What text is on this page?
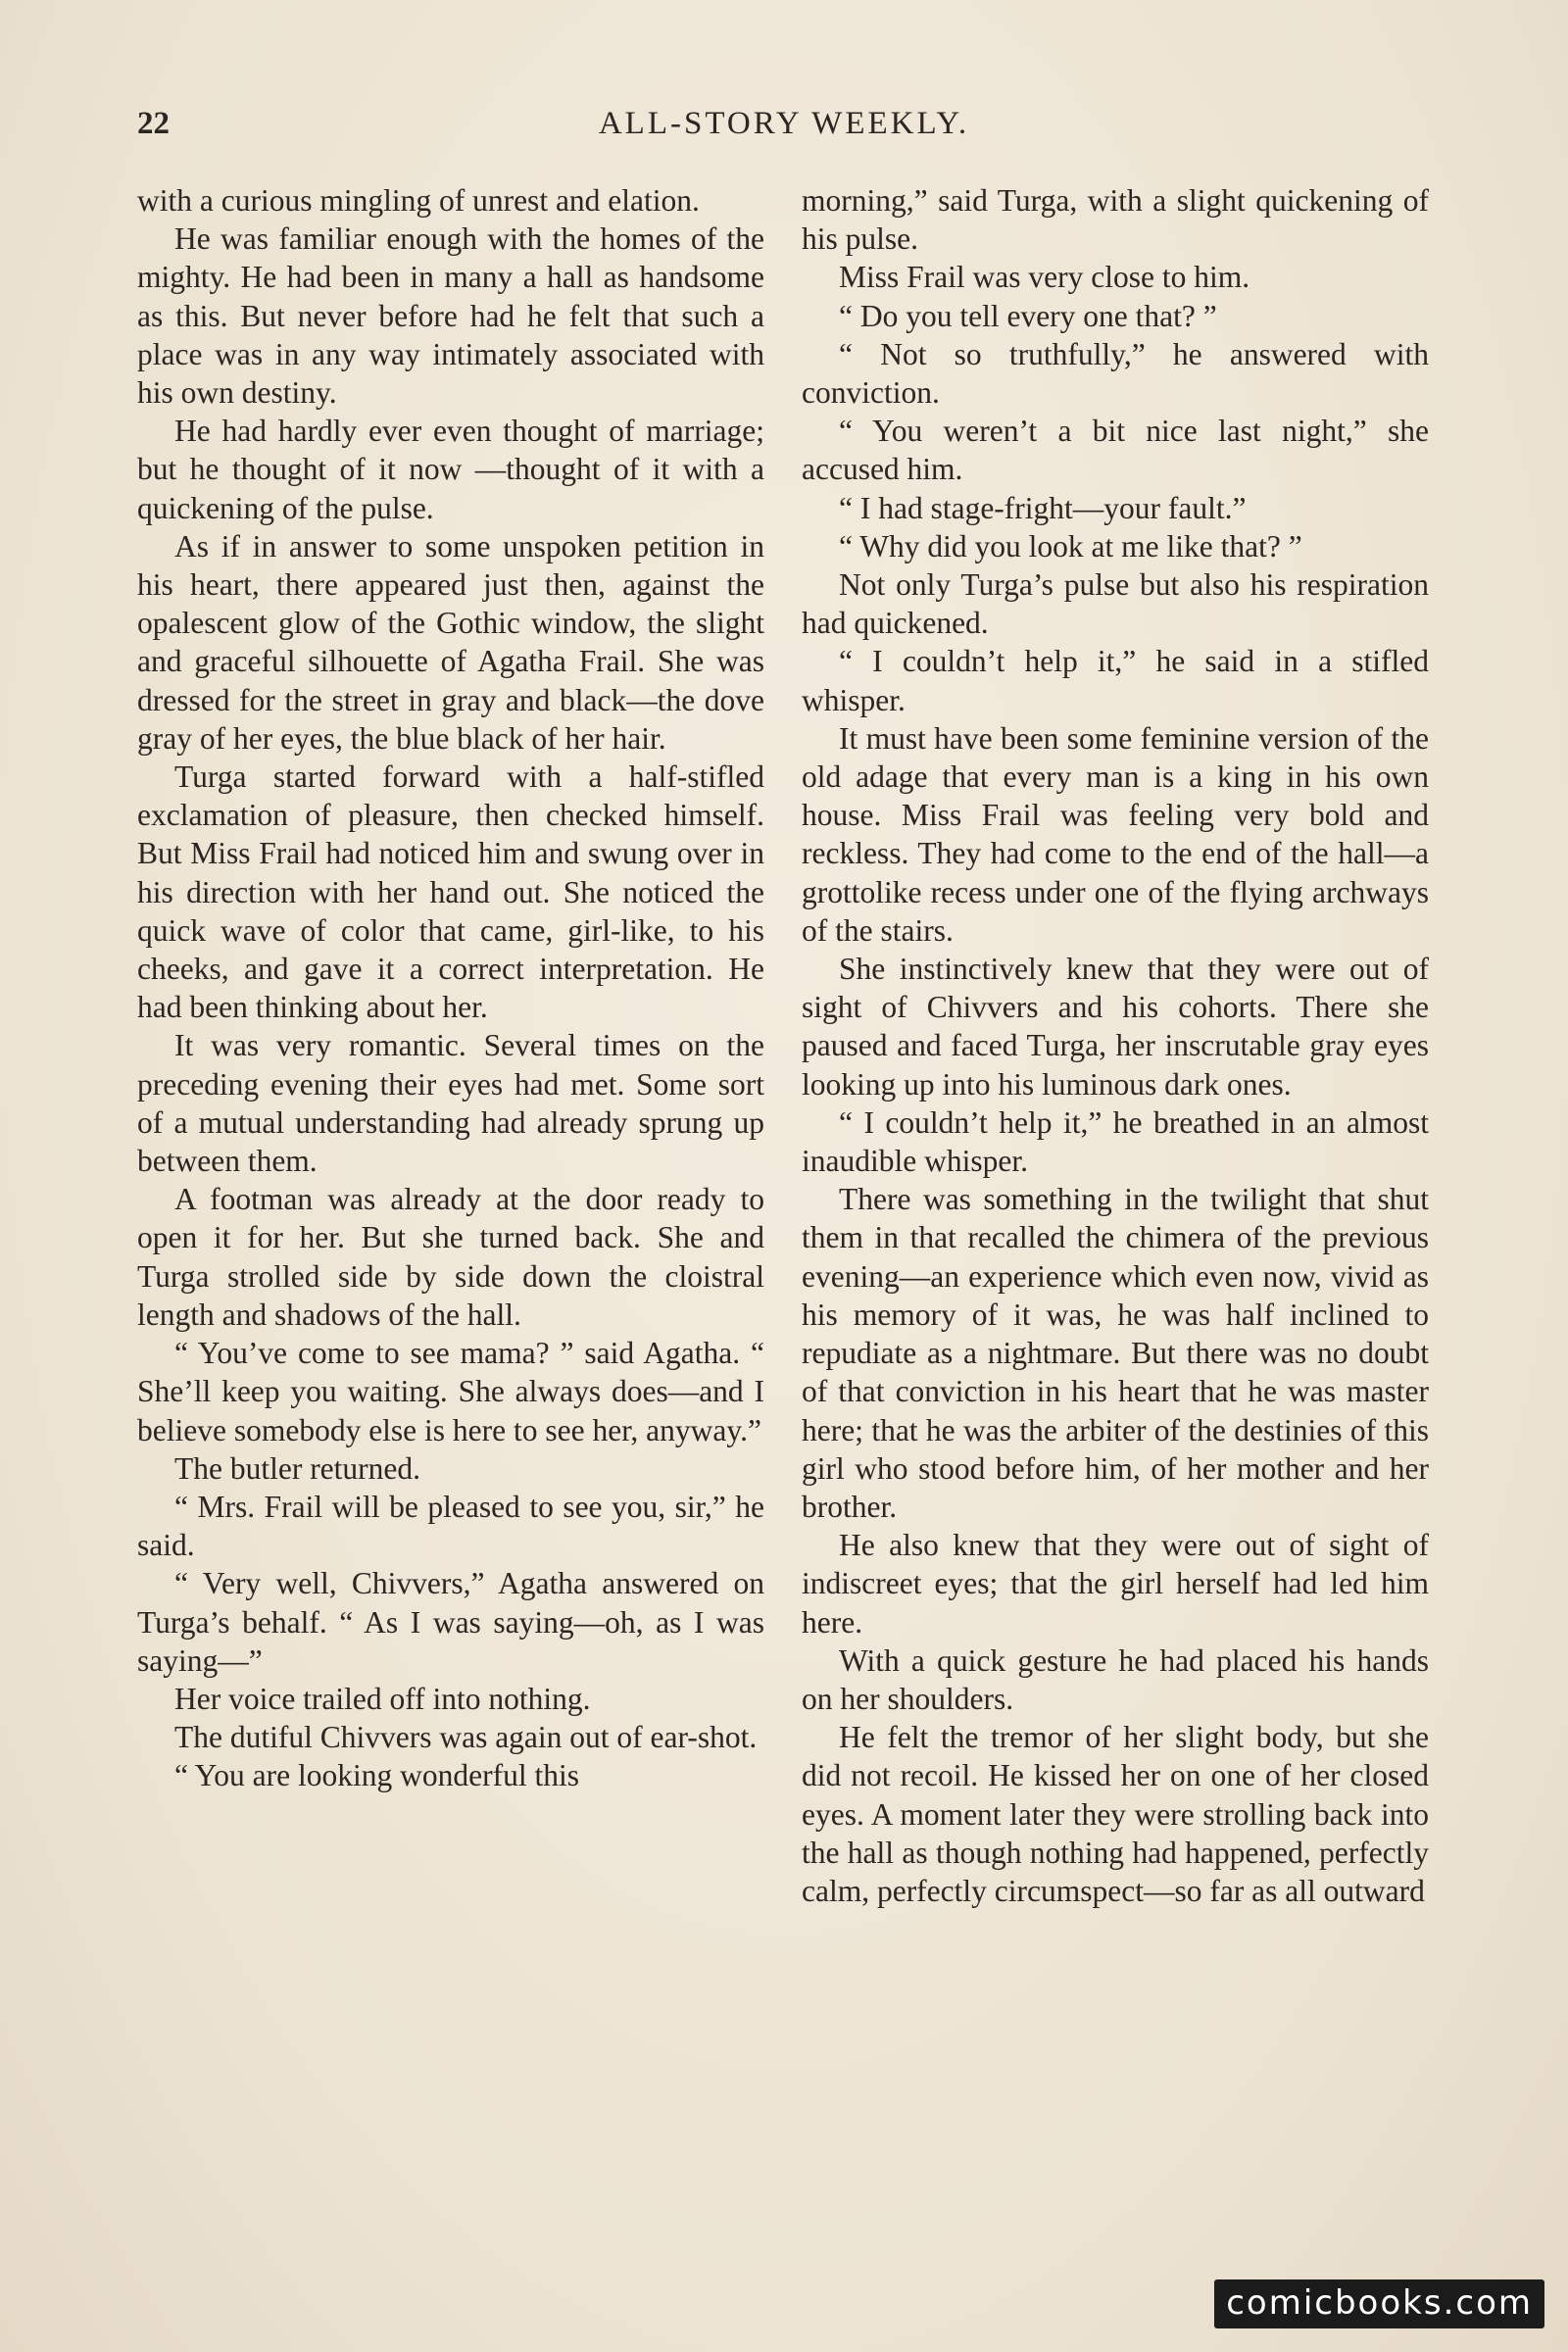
22	ALL-STORY WEEKLY.

with a curious mingling of unrest and elation.

He was familiar enough with the homes of the mighty. He had been in many a hall as handsome as this. But never before had he felt that such a place was in any way intimately associated with his own destiny.

He had hardly ever even thought of marriage; but he thought of it now —thought of it with a quickening of the pulse.

As if in answer to some unspoken petition in his heart, there appeared just then, against the opalescent glow of the Gothic window, the slight and graceful silhouette of Agatha Frail. She was dressed for the street in gray and black—the dove gray of her eyes, the blue black of her hair.

Turga started forward with a half-stifled exclamation of pleasure, then checked himself. But Miss Frail had noticed him and swung over in his direction with her hand out. She noticed the quick wave of color that came, girl-like, to his cheeks, and gave it a correct interpretation. He had been thinking about her.

It was very romantic. Several times on the preceding evening their eyes had met. Some sort of a mutual understanding had already sprung up between them.

A footman was already at the door ready to open it for her. But she turned back. She and Turga strolled side by side down the cloistral length and shadows of the hall.

“ You’ve come to see mama? ” said Agatha. “ She’ll keep you waiting. She always does—and I believe somebody else is here to see her, anyway.”

The butler returned.

“ Mrs. Frail will be pleased to see you, sir,” he said.

“ Very well, Chivvers,” Agatha answered on Turga’s behalf. “ As I was saying—oh, as I was saying—”

Her voice trailed off into nothing.

The dutiful Chivvers was again out of ear-shot.

“ You are looking wonderful this

morning,” said Turga, with a slight quickening of his pulse.

Miss Frail was very close to him.

“ Do you tell every one that? ”

“ Not so truthfully,” he answered with conviction.

“ You weren’t a bit nice last night,” she accused him.

“ I had stage-fright—your fault.”

“ Why did you look at me like that? ”

Not only Turga’s pulse but also his respiration had quickened.

“ I couldn’t help it,” he said in a stifled whisper.

It must have been some feminine version of the old adage that every man is a king in his own house. Miss Frail was feeling very bold and reckless. They had come to the end of the hall—a grottolike recess under one of the flying archways of the stairs.

She instinctively knew that they were out of sight of Chivvers and his cohorts. There she paused and faced Turga, her inscrutable gray eyes looking up into his luminous dark ones.

“ I couldn’t help it,” he breathed in an almost inaudible whisper.

There was something in the twilight that shut them in that recalled the chimera of the previous evening—an experience which even now, vivid as his memory of it was, he was half inclined to repudiate as a nightmare. But there was no doubt of that conviction in his heart that he was master here; that he was the arbiter of the destinies of this girl who stood before him, of her mother and her brother.

He also knew that they were out of sight of indiscreet eyes; that the girl herself had led him here.

With a quick gesture he had placed his hands on her shoulders.

He felt the tremor of her slight body, but she did not recoil. He kissed her on one of her closed eyes. A moment later they were strolling back into the hall as though nothing had happened, perfectly calm, perfectly circumspect—so far as all outward

comicbooks.com
